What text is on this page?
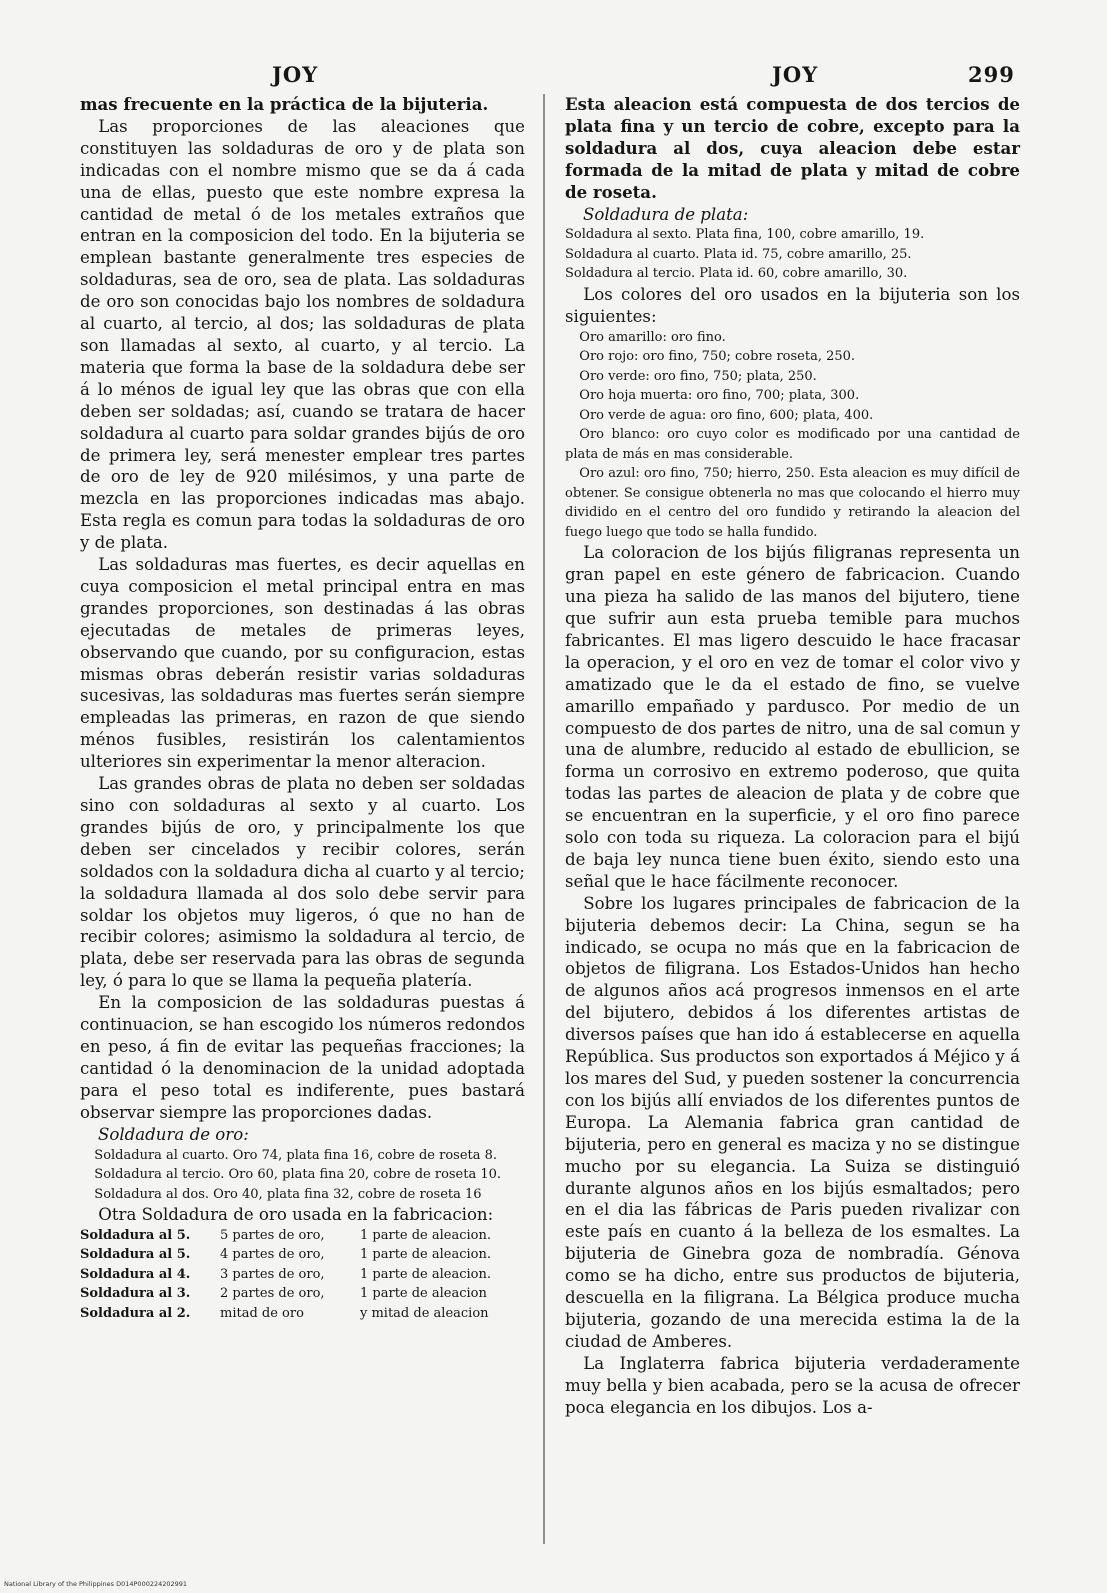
JOY	JOY	299

mas frecuente en la práctica de la bijuteria.

Las proporciones de las aleaciones que constituyen las soldaduras de oro y de plata son indicadas con el nombre mismo que se da á cada una de ellas, puesto que este nombre expresa la cantidad de metal ó de los metales extraños que entran en la composicion del todo. En la bijuteria se emplean bastante generalmente tres especies de soldaduras, sea de oro, sea de plata. Las soldaduras de oro son conocidas bajo los nombres de soldadura al cuarto, al tercio, al dos; las soldaduras de plata son llamadas al sexto, al cuarto, y al tercio. La materia que forma la base de la soldadura debe ser á lo ménos de igual ley que las obras que con ella deben ser soldadas; así, cuando se tratara de hacer soldadura al cuarto para soldar grandes bijús de oro de primera ley, será menester emplear tres partes de oro de ley de 920 milésimos, y una parte de mezcla en las proporciones indicadas mas abajo. Esta regla es comun para todas la soldaduras de oro y de plata.

Las soldaduras mas fuertes, es decir aquellas en cuya composicion el metal principal entra en mas grandes proporciones, son destinadas á las obras ejecutadas de metales de primeras leyes, observando que cuando, por su configuracion, estas mismas obras deberán resistir varias soldaduras sucesivas, las soldaduras mas fuertes serán siempre empleadas las primeras, en razon de que siendo ménos fusibles, resistirán los calentamientos ulteriores sin experimentar la menor alteracion.

Las grandes obras de plata no deben ser soldadas sino con soldaduras al sexto y al cuarto. Los grandes bijús de oro, y principalmente los que deben ser cincelados y recibir colores, serán soldados con la soldadura dicha al cuarto y al tercio; la soldadura llamada al dos solo debe servir para soldar los objetos muy ligeros, ó que no han de recibir colores; asimismo la soldadura al tercio, de plata, debe ser reservada para las obras de segunda ley, ó para lo que se llama la pequeña platería.

En la composicion de las soldaduras puestas á continuacion, se han escogido los números redondos en peso, á fin de evitar las pequeñas fracciones; la cantidad ó la denominacion de la unidad adoptada para el peso total es indiferente, pues bastará observar siempre las proporciones dadas.

Soldadura de oro:

Soldadura al cuarto. Oro 74, plata fina 16, cobre de roseta 8.

Soldadura al tercio. Oro 60, plata fina 20, cobre de roseta 10.

Soldadura al dos. Oro 40, plata fina 32, cobre de roseta 16

Otra Soldadura de oro usada en la fabricacion:

Soldadura al 5.	5 partes de oro,	1 parte de aleacion.
Soldadura al 5.	4 partes de oro,	1 parte de aleacion.
Soldadura al 4.	3 partes de oro,	1 parte de aleacion.
Soldadura al 3.	2 partes de oro,	1 parte de aleacion
Soldadura al 2.	mitad de oro	y mitad de aleacion

Esta aleacion está compuesta de dos tercios de plata fina y un tercio de cobre, excepto para la soldadura al dos, cuya aleacion debe estar formada de la mitad de plata y mitad de cobre de roseta.

Soldadura de plata:

Soldadura al sexto. Plata fina, 100, cobre amarillo, 19.

Soldadura al cuarto. Plata id. 75, cobre amarillo, 25.

Soldadura al tercio. Plata id. 60, cobre amarillo, 30.

Los colores del oro usados en la bijuteria son los siguientes:

Oro amarillo: oro fino.

Oro rojo: oro fino, 750; cobre roseta, 250.

Oro verde: oro fino, 750; plata, 250.

Oro hoja muerta: oro fino, 700; plata, 300.

Oro verde de agua: oro fino, 600; plata, 400.

Oro blanco: oro cuyo color es modificado por una cantidad de plata de más en mas considerable.

Oro azul: oro fino, 750; hierro, 250. Esta aleacion es muy difícil de obtener. Se consigue obtenerla no mas que colocando el hierro muy dividido en el centro del oro fundido y retirando la aleacion del fuego luego que todo se halla fundido.

La coloracion de los bijús filigranas representa un gran papel en este género de fabricacion. Cuando una pieza ha salido de las manos del bijutero, tiene que sufrir aun esta prueba temible para muchos fabricantes. El mas ligero descuido le hace fracasar la operacion, y el oro en vez de tomar el color vivo y amatizado que le da el estado de fino, se vuelve amarillo empañado y pardusco. Por medio de un compuesto de dos partes de nitro, una de sal comun y una de alumbre, reducido al estado de ebullicion, se forma un corrosivo en extremo poderoso, que quita todas las partes de aleacion de plata y de cobre que se encuentran en la superficie, y el oro fino parece solo con toda su riqueza. La coloracion para el bijú de baja ley nunca tiene buen éxito, siendo esto una señal que le hace fácilmente reconocer.

Sobre los lugares principales de fabricacion de la bijuteria debemos decir: La China, segun se ha indicado, se ocupa no más que en la fabricacion de objetos de filigrana. Los Estados-Unidos han hecho de algunos años acá progresos inmensos en el arte del bijutero, debidos á los diferentes artistas de diversos países que han ido á establecerse en aquella República. Sus productos son exportados á Méjico y á los mares del Sud, y pueden sostener la concurrencia con los bijús allí enviados de los diferentes puntos de Europa. La Alemania fabrica gran cantidad de bijuteria, pero en general es maciza y no se distingue mucho por su elegancia. La Suiza se distinguió durante algunos años en los bijús esmaltados; pero en el dia las fábricas de Paris pueden rivalizar con este país en cuanto á la belleza de los esmaltes. La bijuteria de Ginebra goza de nombradía. Génova como se ha dicho, entre sus productos de bijuteria, descuella en la filigrana. La Bélgica produce mucha bijuteria, gozando de una merecida estima la de la ciudad de Amberes.

La Inglaterra fabrica bijuteria verdaderamente muy bella y bien acabada, pero se la acusa de ofrecer poca elegancia en los dibujos. Los a-

National Library of the Philippines D014P000224202991
